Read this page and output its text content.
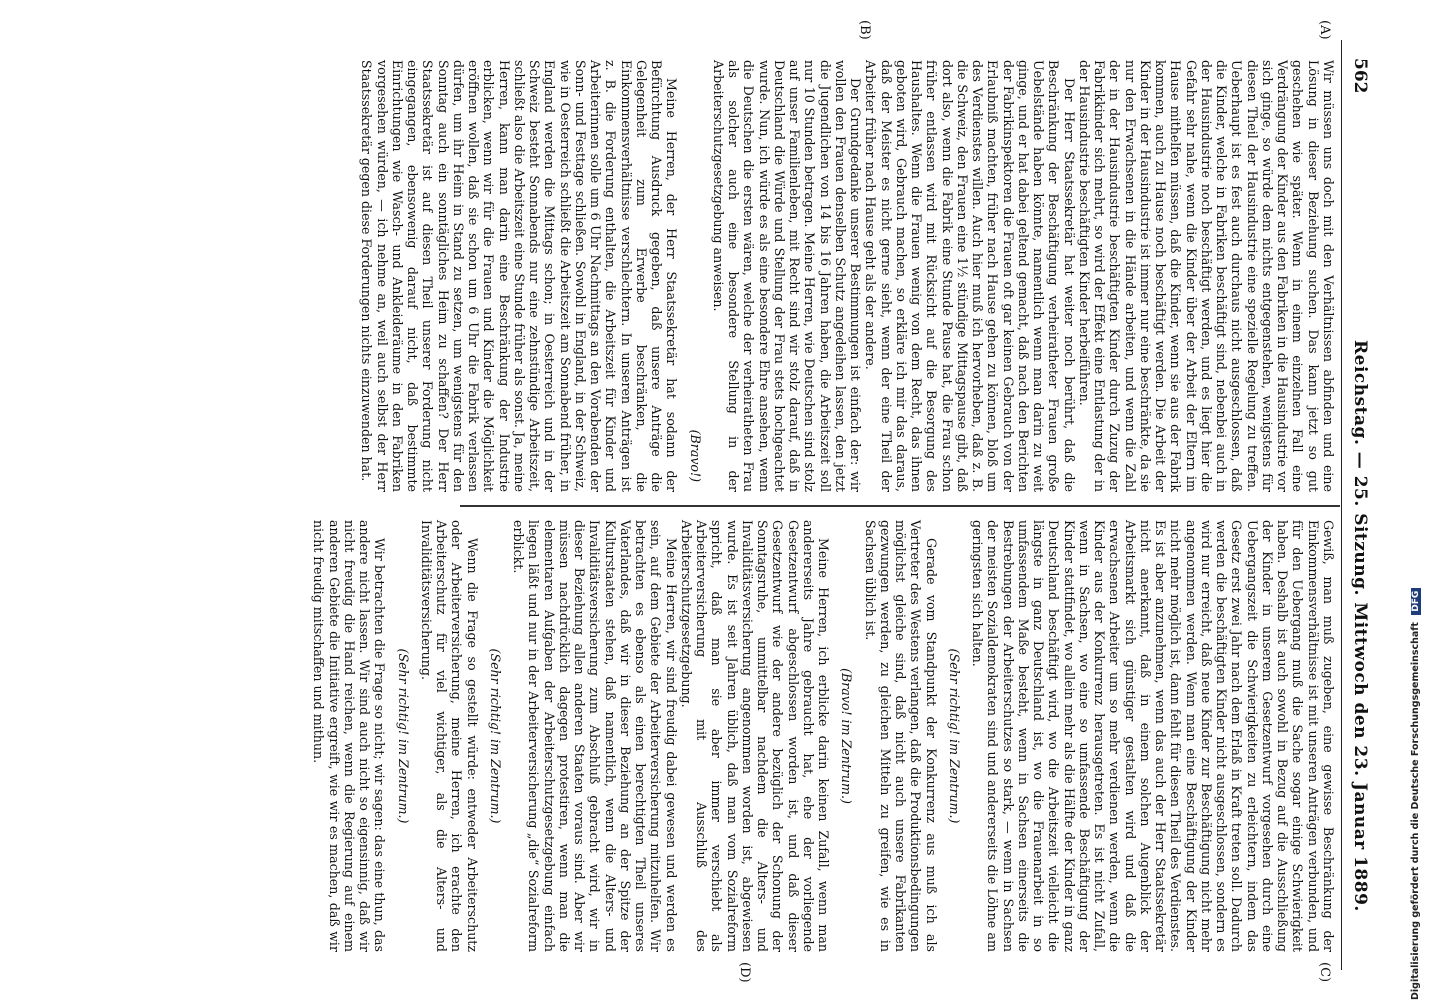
562
Reichstag. — 25. Sitzung. Mittwoch den 23. Januar 1889.
(A)
(B)
(C)
(D)

Wir müssen uns doch mit den Verhältnissen abfinden und eine Lösung in dieser Beziehung suchen. Das kann jetzt so gut geschehen wie später. Wenn in einem einzelnen Fall eine Verdrängung der Kinder aus den Fabriken in die Hausindustrie vor sich ginge, so würde dem nichts entgegenstehen, wenigstens für diesen Theil der Hausindustrie eine spezielle Regelung zu treffen. Ueberhaupt ist es fest auch durchaus nicht ausgeschlossen, daß die Kinder, welche in Fabriken beschäftigt sind, nebenbei auch in der Hausindustrie noch beschäftigt werden, und es liegt hier die Gefahr sehr nahe, wenn die Kinder über der Arbeit der Eltern im Hause mithelfen müssen, daß die Kinder, wenn sie aus der Fabrik kommen, auch zu Hause noch beschäftigt werden. Die Arbeit der Kinder in der Hausindustrie ist immer nur eine beschränkte, da sie nur den Erwachsenen in die Hände arbeiten, und wenn die Zahl der in der Hausindustrie beschäftigten Kinder durch Zuzug der Fabrikkinder sich mehrt, so wird der Effekt eine Entlastung der in der Hausindustrie beschäftigten Kinder herbeiführen.

Der Herr Staatssekretär hat weiter noch berührt, daß die Beschränkung der Beschäftigung verheiratheter Frauen große Uebelstände haben könnte, namentlich wenn man darin zu weit ginge, und er hat dabei geltend gemacht, daß nach den Berichten der Fabrikinspektoren die Frauen oft gar keinen Gebrauch von der Erlaubniß machten, früher nach Hause gehen zu können, bloß um des Verdienstes willen. Auch hier muß ich hervorheben, daß z. B. die Schweiz, den Frauen eine 1½ stündige Mittagspause gibt, daß dort also, wenn die Fabrik eine Stunde Pause hat, die Frau schon früher entlassen wird mit Rücksicht auf die Besorgung des Haushaltes. Wenn die Frauen wenig von dem Recht, das ihnen geboten wird, Gebrauch machen, so erkläre ich mir das daraus, daß der Meister es nicht gerne sieht, wenn der eine Theil der Arbeiter früher nach Hause geht als der andere.

Der Grundgedanke unserer Bestimmungen ist einfach der: wir wollen den Frauen denselben Schutz angedeihen lassen, den jetzt die Jugendlichen von 14 bis 16 Jahren haben, die Arbeitszeit soll nur 10 Stunden betragen. Meine Herren, wie Deutschen sind stolz auf unser Familienleben, mit Recht sind wir stolz darauf, daß in Deutschland die Würde und Stellung der Frau stets hochgeachtet wurde. Nun, ich würde es als eine besondere Ehre ansehen, wenn die Deutschen die ersten wären, welche der verheiratheten Frau als solcher auch eine besondere Stellung in der Arbeiterschutzgesetzgebung anweisen.

(Bravo!)

Meine Herren, der Herr Staatssekretär hat sodann der Befürchtung Ausdruck gegeben, daß unsere Anträge die Gelegenheit zum Erwerbe beschränken, die Einkommensverhältnisse verschlechtern. In unseren Anträgen ist z. B. die Forderung enthalten, die Arbeitszeit für Kinder und Arbeiterinnen solle um 6 Uhr Nachmittags an den Vorabenden der Sonn- und Festtage schließen. Sowohl in England, in der Schweiz, wie in Oesterreich schließt die Arbeitszeit am Sonnabend früher, in England werden die Mittags schon; in Oesterreich und in der Schweiz besteht Sonnabends nur eine zehnstündige Arbeitszeit, schließt also die Arbeitszeit eine Stunde früher als sonst. Ja, meine Herren, kann man darin eine Beschränkung der Industrie erblicken, wenn wir für die Frauen und Kinder die Möglichkeit eröffnen wollen, daß sie schon um 6 Uhr die Fabrik verlassen dürfen, um ihr Heim in Stand zu setzen, um wenigstens für den Sonntag auch ein sonntägliches Heim zu schaffen? Der Herr Staatssekretär ist auf diesen Theil unserer Forderung nicht eingegangen, ebensowenig darauf nicht, daß bestimmte Einrichtungen wie Wasch- und Ankleideräume in den Fabriken vorgesehen würden, — ich nehme an, weil auch selbst der Herr Staatssekretär gegen diese Forderungen nichts einzuwenden hat.

Gewiß, man muß zugeben, eine gewisse Beschränkung der Einkommensverhältnisse ist mit unseren Anträgen verbunden, und für den Uebergang muß die Sache sogar einige Schwierigkeit haben. Deshalb ist auch sowohl in Bezug auf die Ausschließung der Kinder in unserem Gesetzentwurf vorgesehen durch eine Uebergangszeit die Schwierigkeiten zu erleichtern, indem das Gesetz erst zwei Jahr nach dem Erlaß in Kraft treten soll. Dadurch werden die beschäftigten Kinder nicht ausgeschlossen, sondern es wird nur erreicht, daß neue Kinder zur Beschäftigung nicht mehr angenommen werden. Wenn man eine Beschäftigung der Kinder nicht mehr möglich ist, dann fehlt für diesen Theil des Verdienstes. Es ist aber anzunehmen, wenn das auch der Herr Staatssekretär nicht anerkannt, daß in einem solchen Augenblick der Arbeitsmarkt sich günstiger gestalten wird und daß die erwachsenen Arbeiter um so mehr verdienen werden, wenn die Kinder aus der Konkurrenz herausgetreten. Es ist nicht Zufall, wenn in Sachsen, wo eine so umfassende Beschäftigung der Kinder stattfindet, wo allein mehr als die Hälfte der Kinder in ganz Deutschland beschäftigt wird, wo die Arbeitszeit vielleicht die längste in ganz Deutschland ist, wo die Frauenarbeit in so umfassendem Maße besteht, wenn in Sachsen einerseits die Bestrebungen der Arbeiterschutzes so stark, — wenn in Sachsen der meisten Sozialdemokraten sind und andererseits die Löhne am geringsten sich halten.

(Sehr richtig! im Zentrum.)

Gerade vom Standpunkt der Konkurrenz aus muß ich als Vertreter des Westens verlangen, daß die Produktionsbedingungen möglichst gleiche sind, daß nicht auch unsere Fabrikanten gezwungen werden, zu gleichen Mitteln zu greifen, wie es in Sachsen üblich ist.

(Bravo! im Zentrum.)

Meine Herren, ich erblicke darin keinen Zufall, wenn man andererseits Jahre gebraucht hat, ehe der vorliegende Gesetzentwurf abgeschlossen worden ist, und daß dieser Gesetzentwurf wie der andere bezüglich der Schonung der Sonntagsruhe, unmittelbar nachdem die Alters- und Invaliditätsversicherung angenommen worden ist, abgewiesen wurde. Es ist seit Jahren üblich, daß man vom Sozialreform spricht, daß man sie aber immer verschiebt als Arbeiterversicherung mit Ausschluß des Arbeiterschutzgesetzgebung.

Meine Herren, wir sind freudig dabei gewesen und werden es sein, auf dem Gebiete der Arbeiterversicherung mitzuhelfen. Wir betrachten es ebenso als einen berechtigten Theil unseres Vaterlandes, daß wir in dieser Beziehung an der Spitze der Kulturstaaten stehen, daß namentlich, wenn die Alters- und Invaliditätsversicherung zum Abschluß gebracht wird, wir in dieser Beziehung allen anderen Staaten voraus sind. Aber wir müssen nachdrücklich dagegen protestiren, wenn man die elementaren Aufgaben der Arbeiterschutzgesetzgebung einfach liegen läßt und nur in der Arbeiterversicherung „die“ Sozialreform erblickt.

(Sehr richtig! im Zentrum.)

Wenn die Frage so gestellt würde: entweder Arbeiterschutz oder Arbeiterversicherung, meine Herren, ich erachte den Arbeiterschutz für viel wichtiger, als die Alters- und Invaliditätsversicherung.

(Sehr richtig! im Zentrum.)

Wir betrachten die Frage so nicht; wir sagen: das eine thun, das andere nicht lassen. Wir sind auch nicht so eigensinnig, daß wir nicht freudig die Hand reichen, wenn die Regierung auf einem anderen Gebiete die Initiative ergreift, wie wir es machen, daß wir nicht freudig mitschaffen und mithun.	Digitalisierung gefördert durch die Deutsche Forschungsgemeinschaft DFG
